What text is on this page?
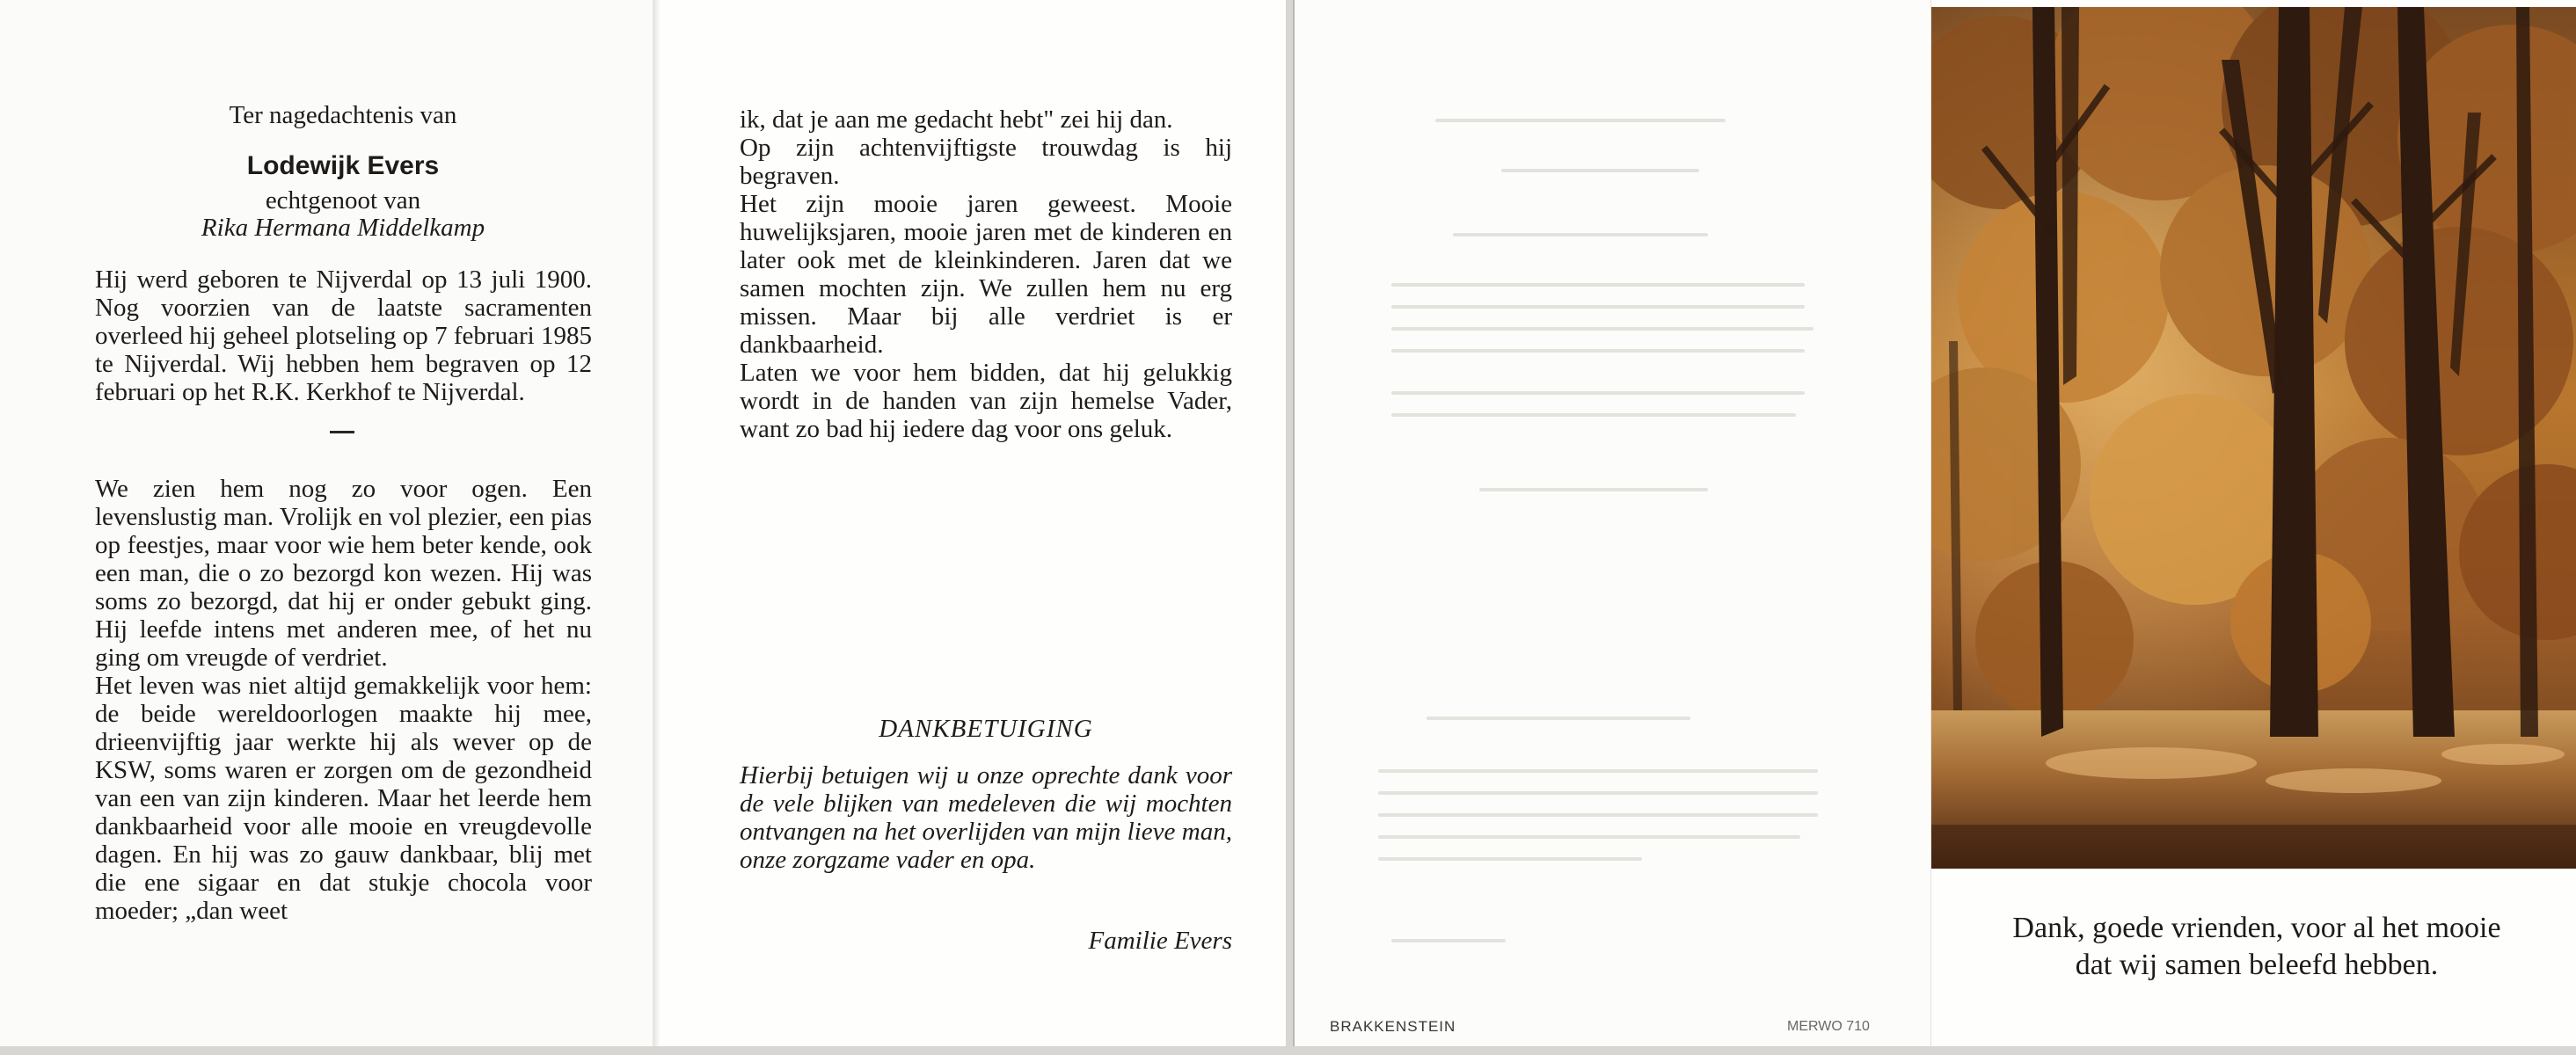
Ter nagedachtenis van
Lodewijk Evers
echtgenoot van
Rika Hermana Middelkamp

Hij werd geboren te Nijverdal op 13 juli 1900. Nog voorzien van de laatste sacramenten overleed hij geheel plotseling op 7 februari 1985 te Nijverdal. Wij hebben hem begraven op 12 februari op het R.K. Kerkhof te Nijverdal.

We zien hem nog zo voor ogen. Een levenslustig man. Vrolijk en vol plezier, een pias op feestjes, maar voor wie hem beter kende, ook een man, die o zo bezorgd kon wezen. Hij was soms zo bezorgd, dat hij er onder gebukt ging. Hij leefde intens met anderen mee, of het nu ging om vreugde of verdriet.

Het leven was niet altijd gemakkelijk voor hem: de beide wereldoorlogen maakte hij mee, drieenvijftig jaar werkte hij als wever op de KSW, soms waren er zorgen om de gezondheid van een van zijn kinderen. Maar het leerde hem dankbaarheid voor alle mooie en vreugdevolle dagen. En hij was zo gauw dankbaar, blij met die ene sigaar en dat stukje chocola voor moeder; „dan weet

ik, dat je aan me gedacht hebt" zei hij dan.

Op zijn achtenvijftigste trouwdag is hij begraven.

Het zijn mooie jaren geweest. Mooie huwelijksjaren, mooie jaren met de kinderen en later ook met de kleinkinderen. Jaren dat we samen mochten zijn. We zullen hem nu erg missen. Maar bij alle verdriet is er dankbaarheid.

Laten we voor hem bidden, dat hij gelukkig wordt in de handen van zijn hemelse Vader, want zo bad hij iedere dag voor ons geluk.

DANKBETUIGING
Hierbij betuigen wij u onze oprechte dank voor de vele blijken van medeleven die wij mochten ontvangen na het overlijden van mijn lieve man, onze zorgzame vader en opa.
Familie Evers
BRAKKENSTEIN	MERWO 710
Dank, goede vrienden, voor al het mooie
dat wij samen beleefd hebben.
